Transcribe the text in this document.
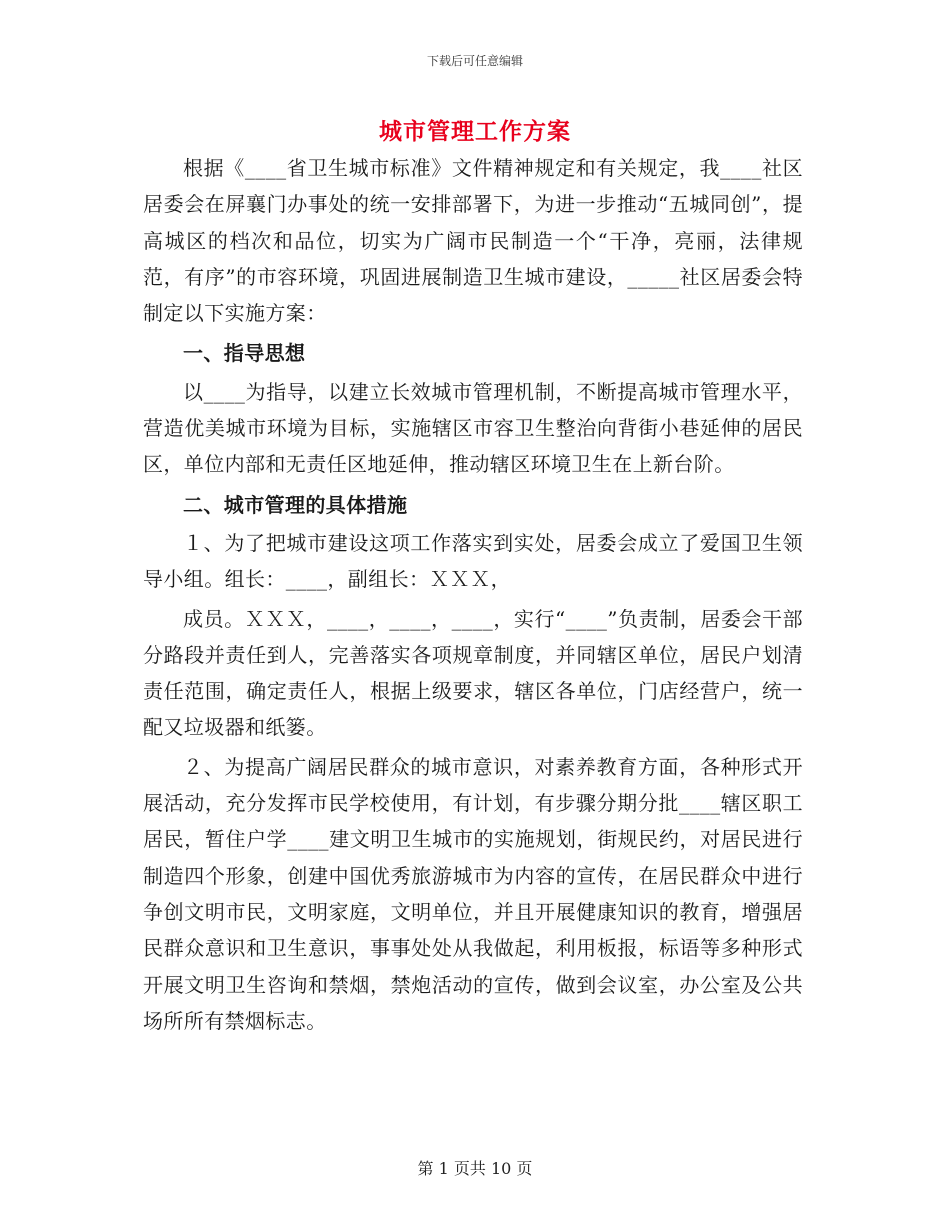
下载后可任意编辑
城市管理工作方案

根据《____省卫生城市标准》文件精神规定和有关规定，我____社区居委会在屏襄门办事处的统一安排部署下，为进一步推动“五城同创”，提高城区的档次和品位，切实为广阔市民制造一个“干净，亮丽，法律规范，有序”的市容环境，巩固进展制造卫生城市建设，_____社区居委会特制定以下实施方案：

一、指导思想

以____为指导，以建立长效城市管理机制，不断提高城市管理水平，营造优美城市环境为目标，实施辖区市容卫生整治向背街小巷延伸的居民区，单位内部和无责任区地延伸，推动辖区环境卫生在上新台阶。

二、城市管理的具体措施

１、为了把城市建设这项工作落实到实处，居委会成立了爱国卫生领导小组。组长：____，副组长：ＸＸＸ，

成员。ＸＸＸ，____，____，____，实行“____”负责制，居委会干部分路段并责任到人，完善落实各项规章制度，并同辖区单位，居民户划清责任范围，确定责任人，根据上级要求，辖区各单位，门店经营户，统一配又垃圾器和纸篓。

２、为提高广阔居民群众的城市意识，对素养教育方面，各种形式开展活动，充分发挥市民学校使用，有计划，有步骤分期分批____辖区职工居民，暂住户学____建文明卫生城市的实施规划，街规民约，对居民进行制造四个形象，创建中国优秀旅游城市为内容的宣传，在居民群众中进行争创文明市民，文明家庭，文明单位，并且开展健康知识的教育，增强居民群众意识和卫生意识，事事处处从我做起，利用板报，标语等多种形式开展文明卫生咨询和禁烟，禁炮活动的宣传，做到会议室，办公室及公共场所所有禁烟标志。

第 1 页共 10 页
